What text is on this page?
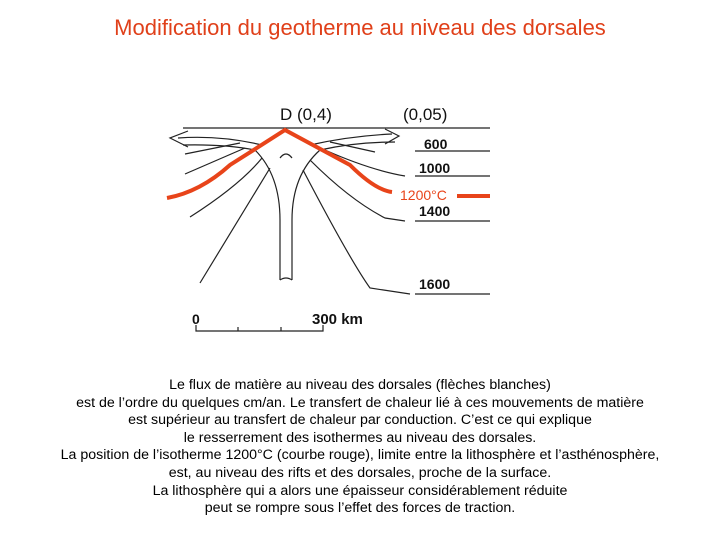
Modification du geotherme au niveau des dorsales
D (0,4)	(0,05)
600
1000
1200°C
1400
1600
0	300 km
Le flux de matière au niveau des dorsales (flèches blanches)
est de l’ordre du quelques cm/an. Le transfert de chaleur lié à ces mouvements de matière
est supérieur au transfert de chaleur par conduction. C’est ce qui explique
le resserrement des isothermes au niveau des dorsales.
La position de l’isotherme 1200°C (courbe rouge), limite entre la lithosphère et l’asthénosphère,
est, au niveau des rifts et des dorsales, proche de la surface.
La lithosphère qui a alors une épaisseur considérablement réduite
peut se rompre sous l’effet des forces de traction.
